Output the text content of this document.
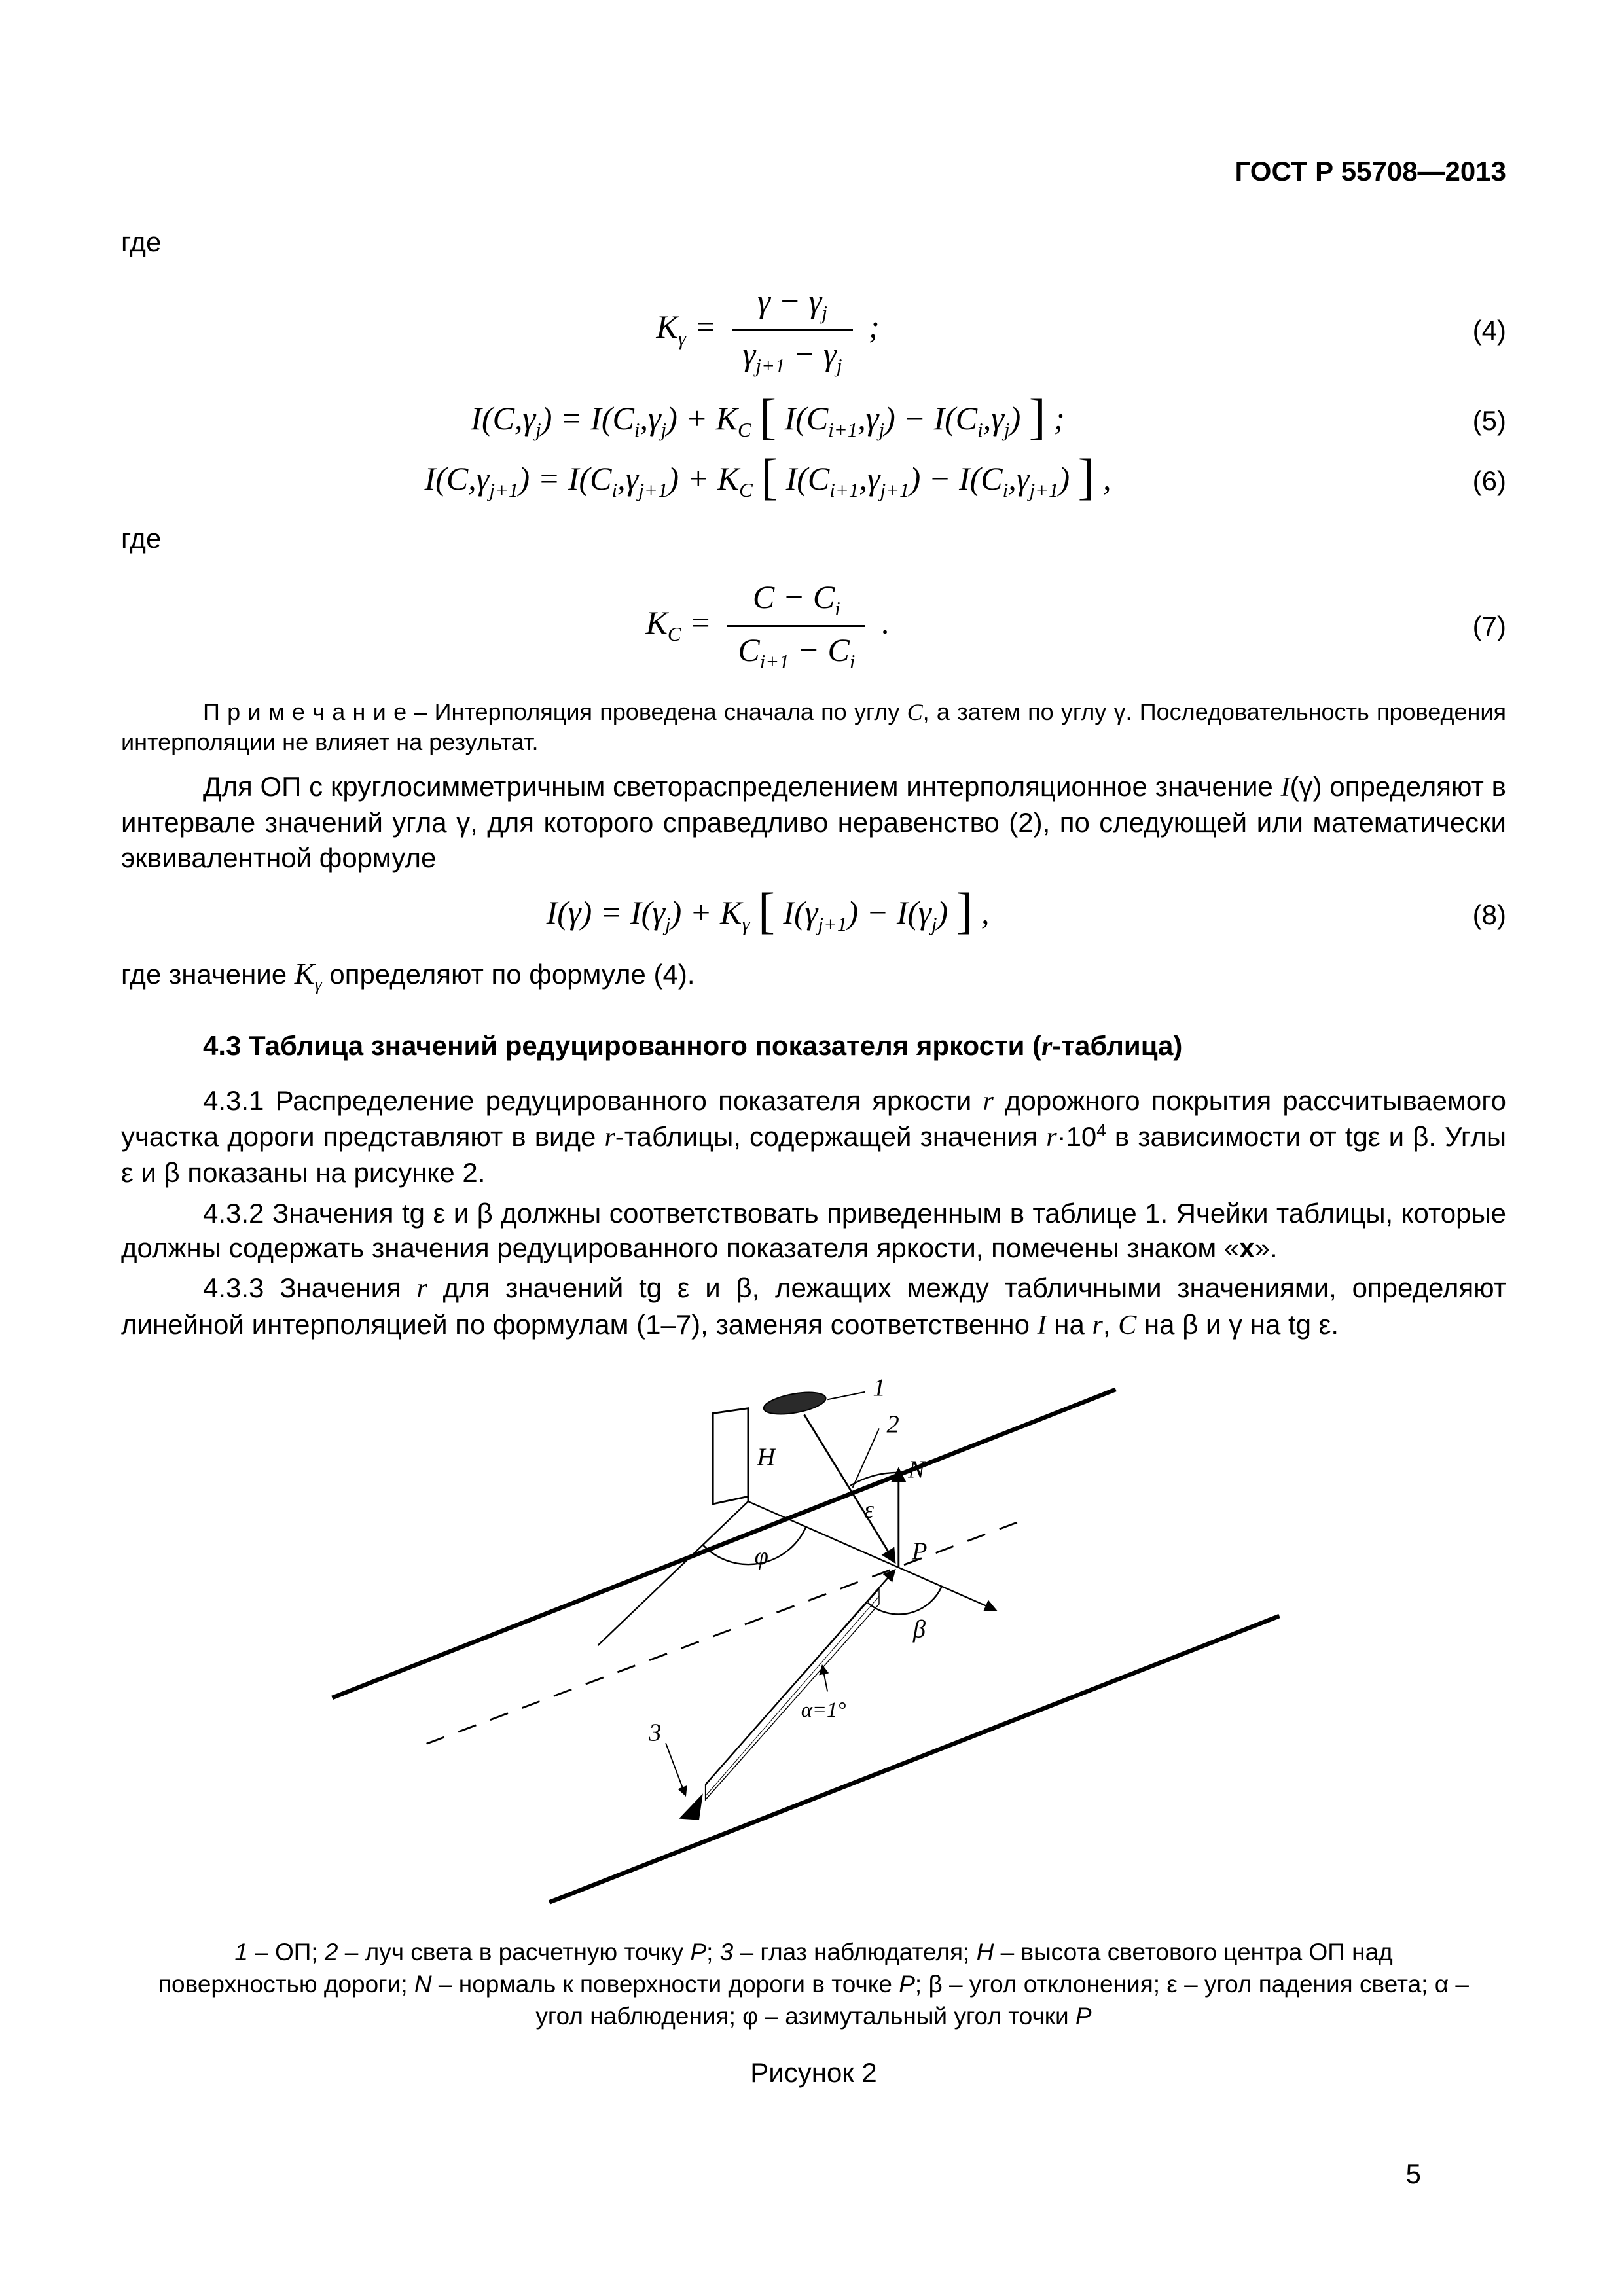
ГОСТ Р 55708—2013

где

$K_\gamma = \frac{\gamma - \gamma_j}{\gamma_{j+1} - \gamma_j}$ ;	(4)
$I(C,\gamma_j) = I(C_i,\gamma_j) + K_C$ [ $I(C_{i+1},\gamma_j) - I(C_i,\gamma_j)$ ] ;	(5)
$I(C,\gamma_{j+1}) = I(C_i,\gamma_{j+1}) + K_C$ [ $I(C_{i+1},\gamma_{j+1}) - I(C_i,\gamma_{j+1})$ ] ,	(6)

где

$K_C = \frac{C - C_i}{C_{i+1} - C_i}$ .	(7)

П р и м е ч а н и е – Интерполяция проведена сначала по углу С, а затем по углу γ. Последовательность проведения интерполяции не влияет на результат.

Для ОП с круглосимметричным светораспределением интерполяционное значение I(γ) определяют в интервале значений угла γ, для которого справедливо неравенство (2), по следующей или математически эквивалентной формуле

$I(\gamma) = I(\gamma_j) + K_\gamma$ [ $I(\gamma_{j+1}) - I(\gamma_j)$ ] ,	(8)

где значение $K_\gamma$ определяют по формуле (4).

4.3 Таблица значений редуцированного показателя яркости (r-таблица)

4.3.1 Распределение редуцированного показателя яркости r дорожного покрытия рассчитываемого участка дороги представляют в виде r-таблицы, содержащей значения $r\cdot 10^4$ в зависимости от tgε и β. Углы ε и β показаны на рисунке 2.

4.3.2 Значения tg ε и β должны соответствовать приведенным в таблице 1. Ячейки таблицы, которые должны содержать значения редуцированного показателя яркости, помечены знаком «х».

4.3.3 Значения r для значений tg ε и β, лежащих между табличными значениями, определяют линейной интерполяцией по формулам (1–7), заменяя соответственно I на r, С на β и γ на tg ε.

1
2
3
H	N
P
ε
φ
β
α=1°

1 – ОП; 2 – луч света в расчетную точку Р; 3 – глаз наблюдателя; Н – высота светового центра ОП над поверхностью дороги; N – нормаль к поверхности дороги в точке Р; β – угол отклонения; ε – угол падения света; α – угол наблюдения; φ – азимутальный угол точки Р

Рисунок 2

5
